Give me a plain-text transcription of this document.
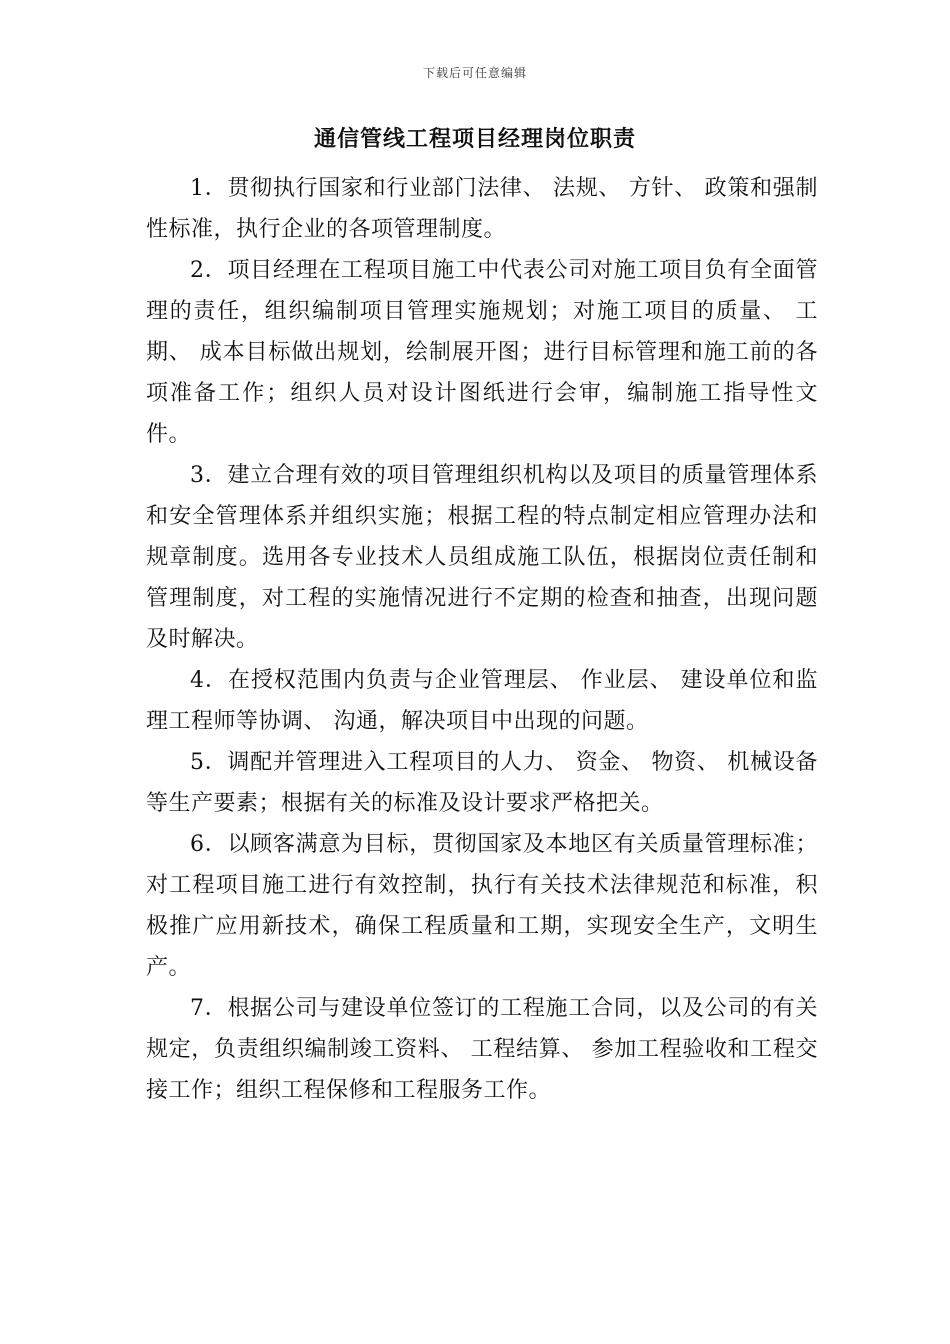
下载后可任意编辑
通信管线工程项目经理岗位职责

1．贯彻执行国家和行业部门法律、 法规、 方针、 政策和强制性标准，执行企业的各项管理制度。

2．项目经理在工程项目施工中代表公司对施工项目负有全面管理的责任，组织编制项目管理实施规划；对施工项目的质量、 工期、 成本目标做出规划，绘制展开图；进行目标管理和施工前的各项准备工作；组织人员对设计图纸进行会审，编制施工指导性文件。

3．建立合理有效的项目管理组织机构以及项目的质量管理体系和安全管理体系并组织实施；根据工程的特点制定相应管理办法和规章制度。选用各专业技术人员组成施工队伍，根据岗位责任制和管理制度，对工程的实施情况进行不定期的检查和抽查，出现问题及时解决。

4．在授权范围内负责与企业管理层、 作业层、 建设单位和监理工程师等协调、 沟通，解决项目中出现的问题。

5．调配并管理进入工程项目的人力、 资金、 物资、 机械设备等生产要素；根据有关的标准及设计要求严格把关。

6．以顾客满意为目标，贯彻国家及本地区有关质量管理标准； 对工程项目施工进行有效控制，执行有关技术法律规范和标准，积极推广应用新技术，确保工程质量和工期，实现安全生产，文明生产。

7．根据公司与建设单位签订的工程施工合同，以及公司的有关规定，负责组织编制竣工资料、 工程结算、 参加工程验收和工程交接工作；组织工程保修和工程服务工作。
